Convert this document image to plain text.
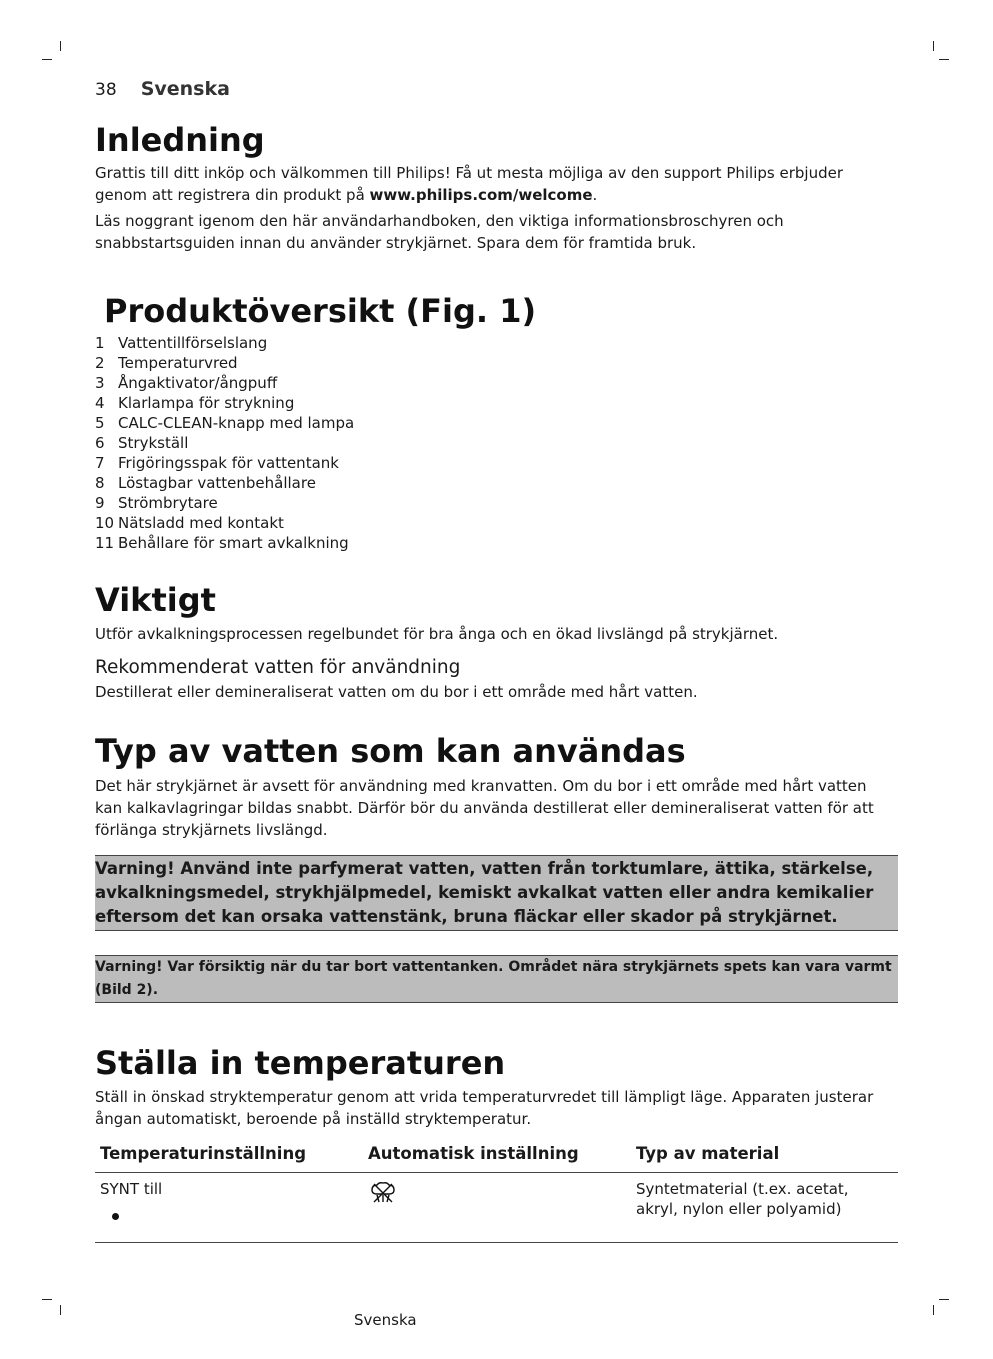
38 Svenska
Inledning

Grattis till ditt inköp och välkommen till Philips! Få ut mesta möjliga av den support Philips erbjuder genom att registrera din produkt på www.philips.com/welcome.

Läs noggrant igenom den här användarhandboken, den viktiga informationsbroschyren och snabbstartsguiden innan du använder strykjärnet. Spara dem för framtida bruk.

Produktöversikt (Fig. 1)
1 Vattentillförselslang
2 Temperaturvred
3 Ångaktivator/ångpuff
4 Klarlampa för strykning
5 CALC-CLEAN-knapp med lampa
6 Strykställ
7 Frigöringsspak för vattentank
8 Löstagbar vattenbehållare
9 Strömbrytare
10 Nätsladd med kontakt
11 Behållare för smart avkalkning
Viktigt

Utför avkalkningsprocessen regelbundet för bra ånga och en ökad livslängd på strykjärnet.

Rekommenderat vatten för användning

Destillerat eller demineraliserat vatten om du bor i ett område med hårt vatten.

Typ av vatten som kan användas

Det här strykjärnet är avsett för användning med kranvatten. Om du bor i ett område med hårt vatten kan kalkavlagringar bildas snabbt. Därför bör du använda destillerat eller demineraliserat vatten för att förlänga strykjärnets livslängd.

Varning! Använd inte parfymerat vatten, vatten från torktumlare, ättika, stärkelse, avkalkningsmedel, strykhjälpmedel, kemiskt avkalkat vatten eller andra kemikalier eftersom det kan orsaka vattenstänk, bruna fläckar eller skador på strykjärnet.
Varning! Var försiktig när du tar bort vattentanken. Området nära strykjärnets spets kan vara varmt (Bild 2).
Ställa in temperaturen

Ställ in önskad stryktemperatur genom att vrida temperaturvredet till lämpligt läge. Apparaten justerar ångan automatiskt, beroende på inställd stryktemperatur.

Temperaturinställning	Automatisk inställning	Typ av material
SYNT till		Syntetmaterial (t.ex. acetat, akryl, nylon eller polyamid)
Svenska
